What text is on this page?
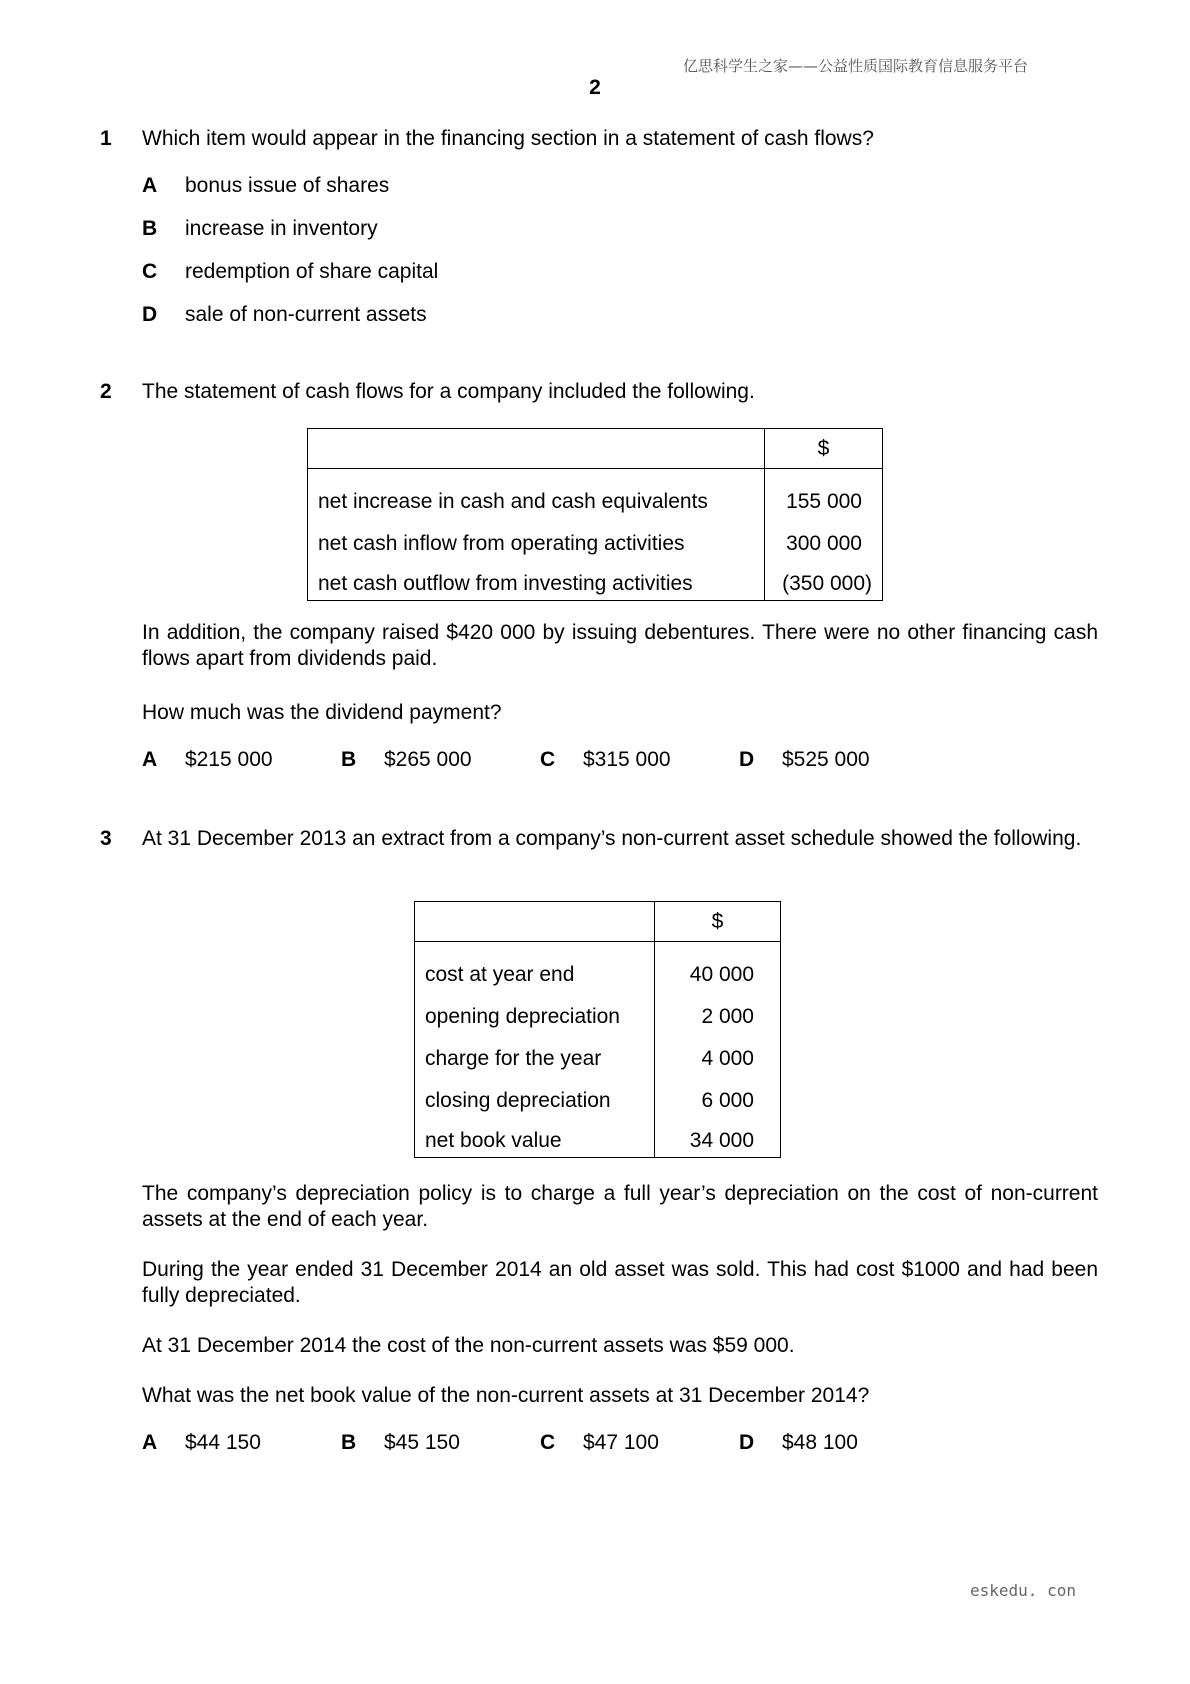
亿思科学生之家——公益性质国际教育信息服务平台
2
1 Which item would appear in the financing section in a statement of cash flows?
A bonus issue of shares
B increase in inventory
C redemption of share capital
D sale of non-current assets
2 The statement of cash flows for a company included the following.
	$
net increase in cash and cash equivalents	155 000
net cash inflow from operating activities	300 000
net cash outflow from investing activities	(350 000)
In addition, the company raised $420 000 by issuing debentures. There were no other financing cash flows apart from dividends paid.
How much was the dividend payment?
A $215 000	B $265 000	C $315 000	D $525 000
3 At 31 December 2013 an extract from a company’s non-current asset schedule showed the following.
	$
cost at year end	40 000
opening depreciation	2 000
charge for the year	4 000
closing depreciation	6 000
net book value	34 000
The company’s depreciation policy is to charge a full year’s depreciation on the cost of non-current assets at the end of each year.
During the year ended 31 December 2014 an old asset was sold. This had cost $1000 and had been fully depreciated.
At 31 December 2014 the cost of the non-current assets was $59 000.
What was the net book value of the non-current assets at 31 December 2014?
A $44 150	B $45 150	C $47 100	D $48 100
eskedu. con
